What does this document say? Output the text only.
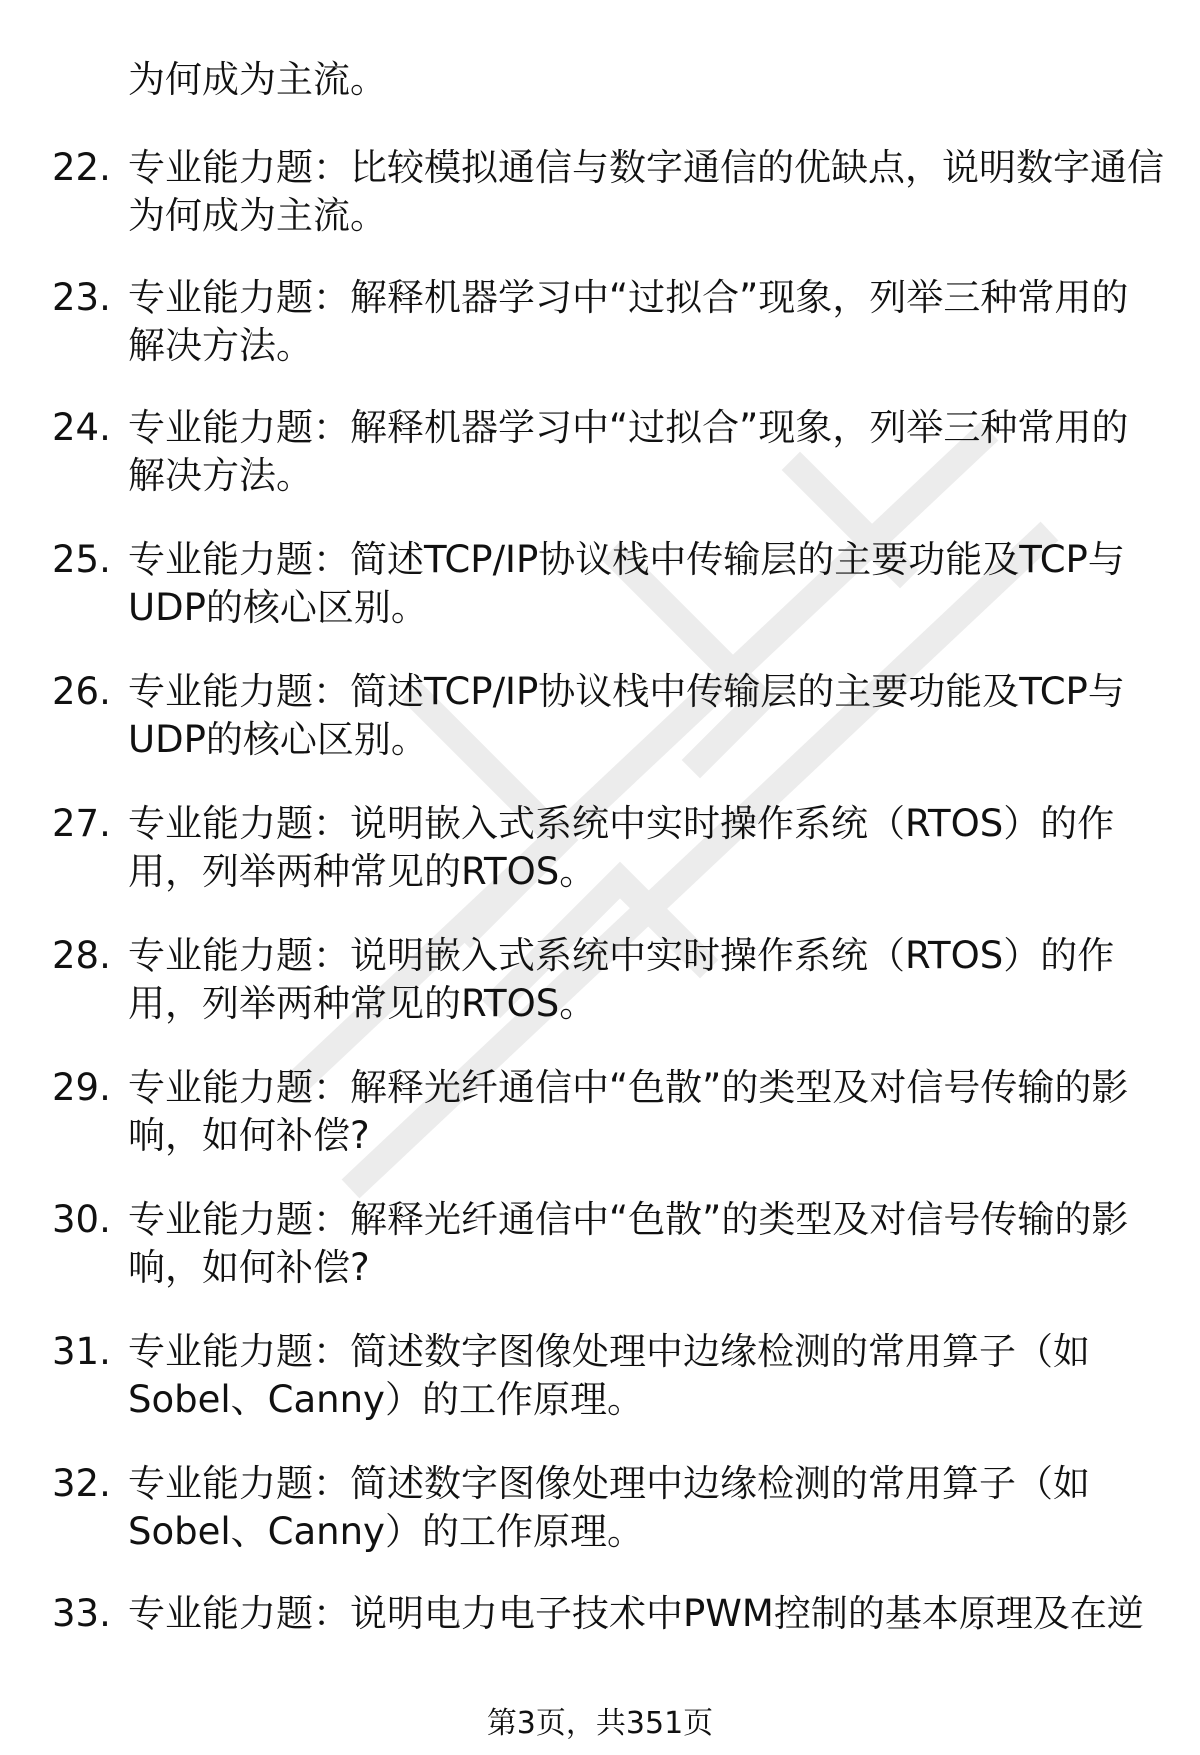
为何成为主流。
22. 专业能力题：比较模拟通信与数字通信的优缺点，说明数字通信
为何成为主流。
23. 专业能力题：解释机器学习中“过拟合”现象，列举三种常用的
解决方法。
24. 专业能力题：解释机器学习中“过拟合”现象，列举三种常用的
解决方法。
25. 专业能力题：简述TCP/IP协议栈中传输层的主要功能及TCP与
UDP的核心区别。
26. 专业能力题：简述TCP/IP协议栈中传输层的主要功能及TCP与
UDP的核心区别。
27. 专业能力题：说明嵌入式系统中实时操作系统（RTOS）的作
用，列举两种常见的RTOS。
28. 专业能力题：说明嵌入式系统中实时操作系统（RTOS）的作
用，列举两种常见的RTOS。
29. 专业能力题：解释光纤通信中“色散”的类型及对信号传输的影
响，如何补偿?
30. 专业能力题：解释光纤通信中“色散”的类型及对信号传输的影
响，如何补偿?
31. 专业能力题：简述数字图像处理中边缘检测的常用算子（如
Sobel、Canny）的工作原理。
32. 专业能力题：简述数字图像处理中边缘检测的常用算子（如
Sobel、Canny）的工作原理。
33. 专业能力题：说明电力电子技术中PWM控制的基本原理及在逆
第3页，共351页
